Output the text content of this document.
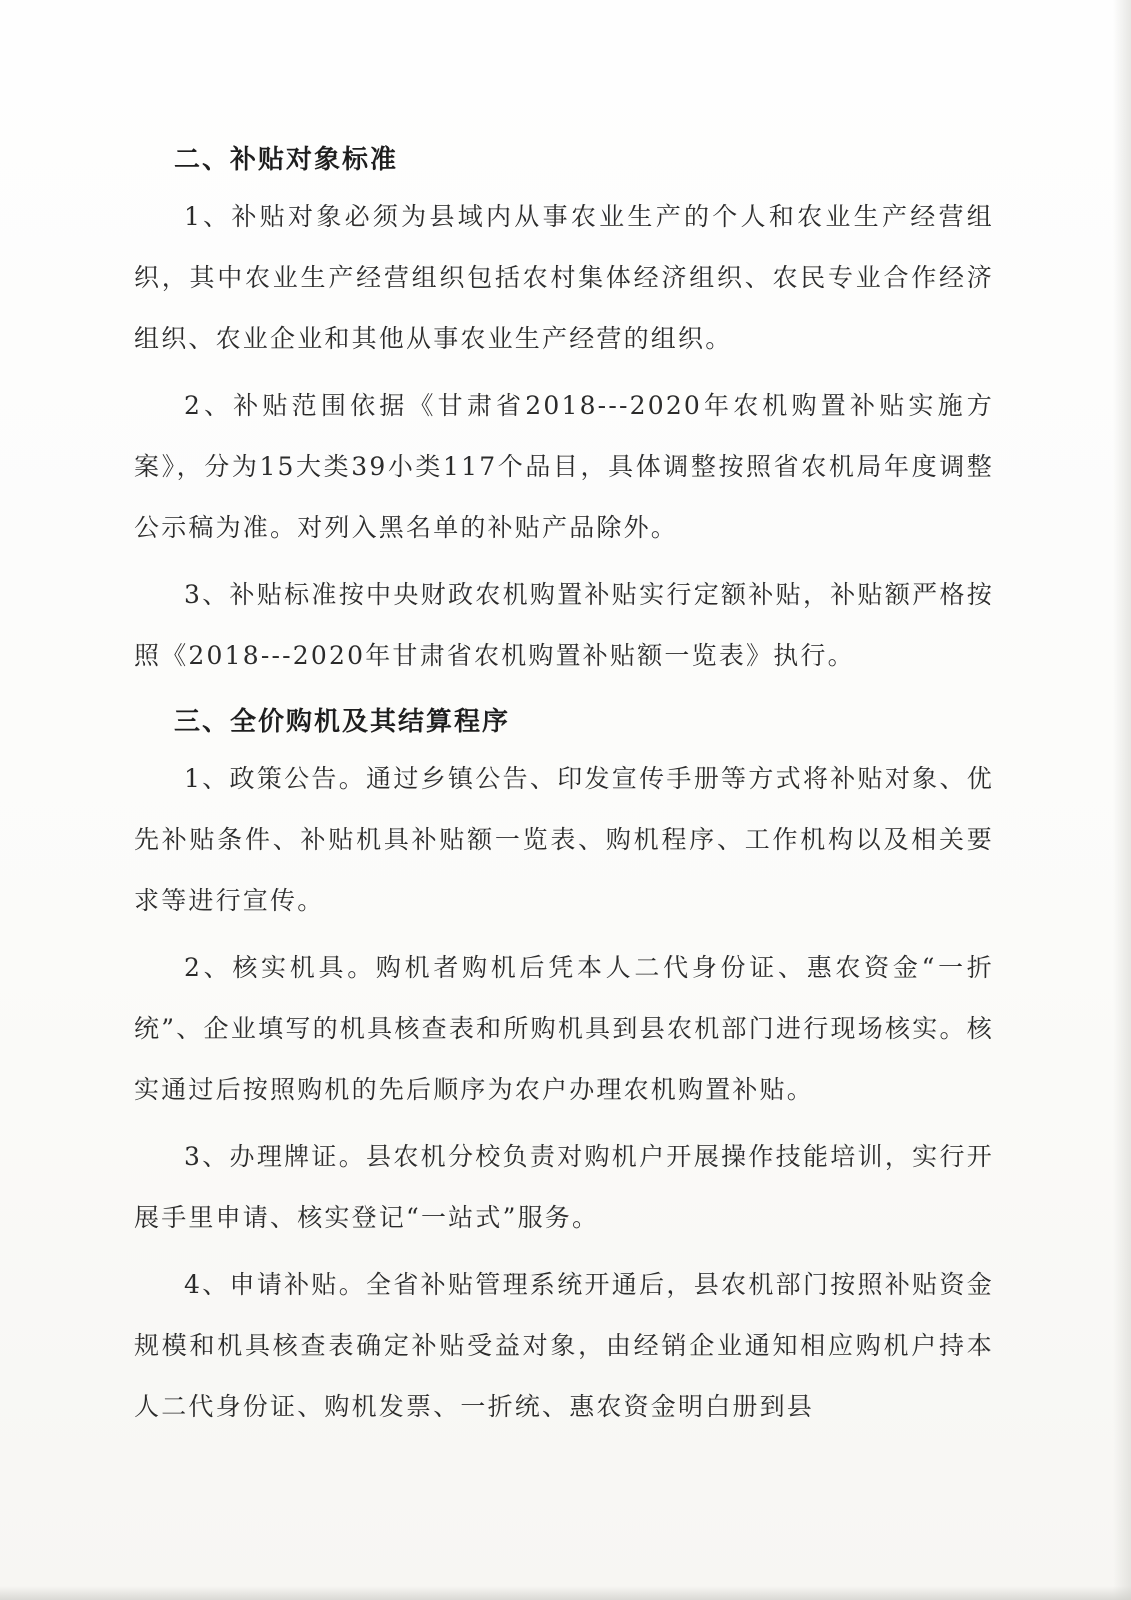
二、补贴对象标准

1、补贴对象必须为县域内从事农业生产的个人和农业生产经营组织，其中农业生产经营组织包括农村集体经济组织、农民专业合作经济组织、农业企业和其他从事农业生产经营的组织。

2、补贴范围依据《甘肃省2018---2020年农机购置补贴实施方案》，分为15大类39小类117个品目，具体调整按照省农机局年度调整公示稿为准。对列入黑名单的补贴产品除外。

3、补贴标准按中央财政农机购置补贴实行定额补贴，补贴额严格按照《2018---2020年甘肃省农机购置补贴额一览表》执行。

三、全价购机及其结算程序

1、政策公告。通过乡镇公告、印发宣传手册等方式将补贴对象、优先补贴条件、补贴机具补贴额一览表、购机程序、工作机构以及相关要求等进行宣传。

2、核实机具。购机者购机后凭本人二代身份证、惠农资金“一折统”、企业填写的机具核查表和所购机具到县农机部门进行现场核实。核实通过后按照购机的先后顺序为农户办理农机购置补贴。

3、办理牌证。县农机分校负责对购机户开展操作技能培训，实行开展手里申请、核实登记“一站式”服务。

4、申请补贴。全省补贴管理系统开通后，县农机部门按照补贴资金规模和机具核查表确定补贴受益对象，由经销企业通知相应购机户持本人二代身份证、购机发票、一折统、惠农资金明白册到县
